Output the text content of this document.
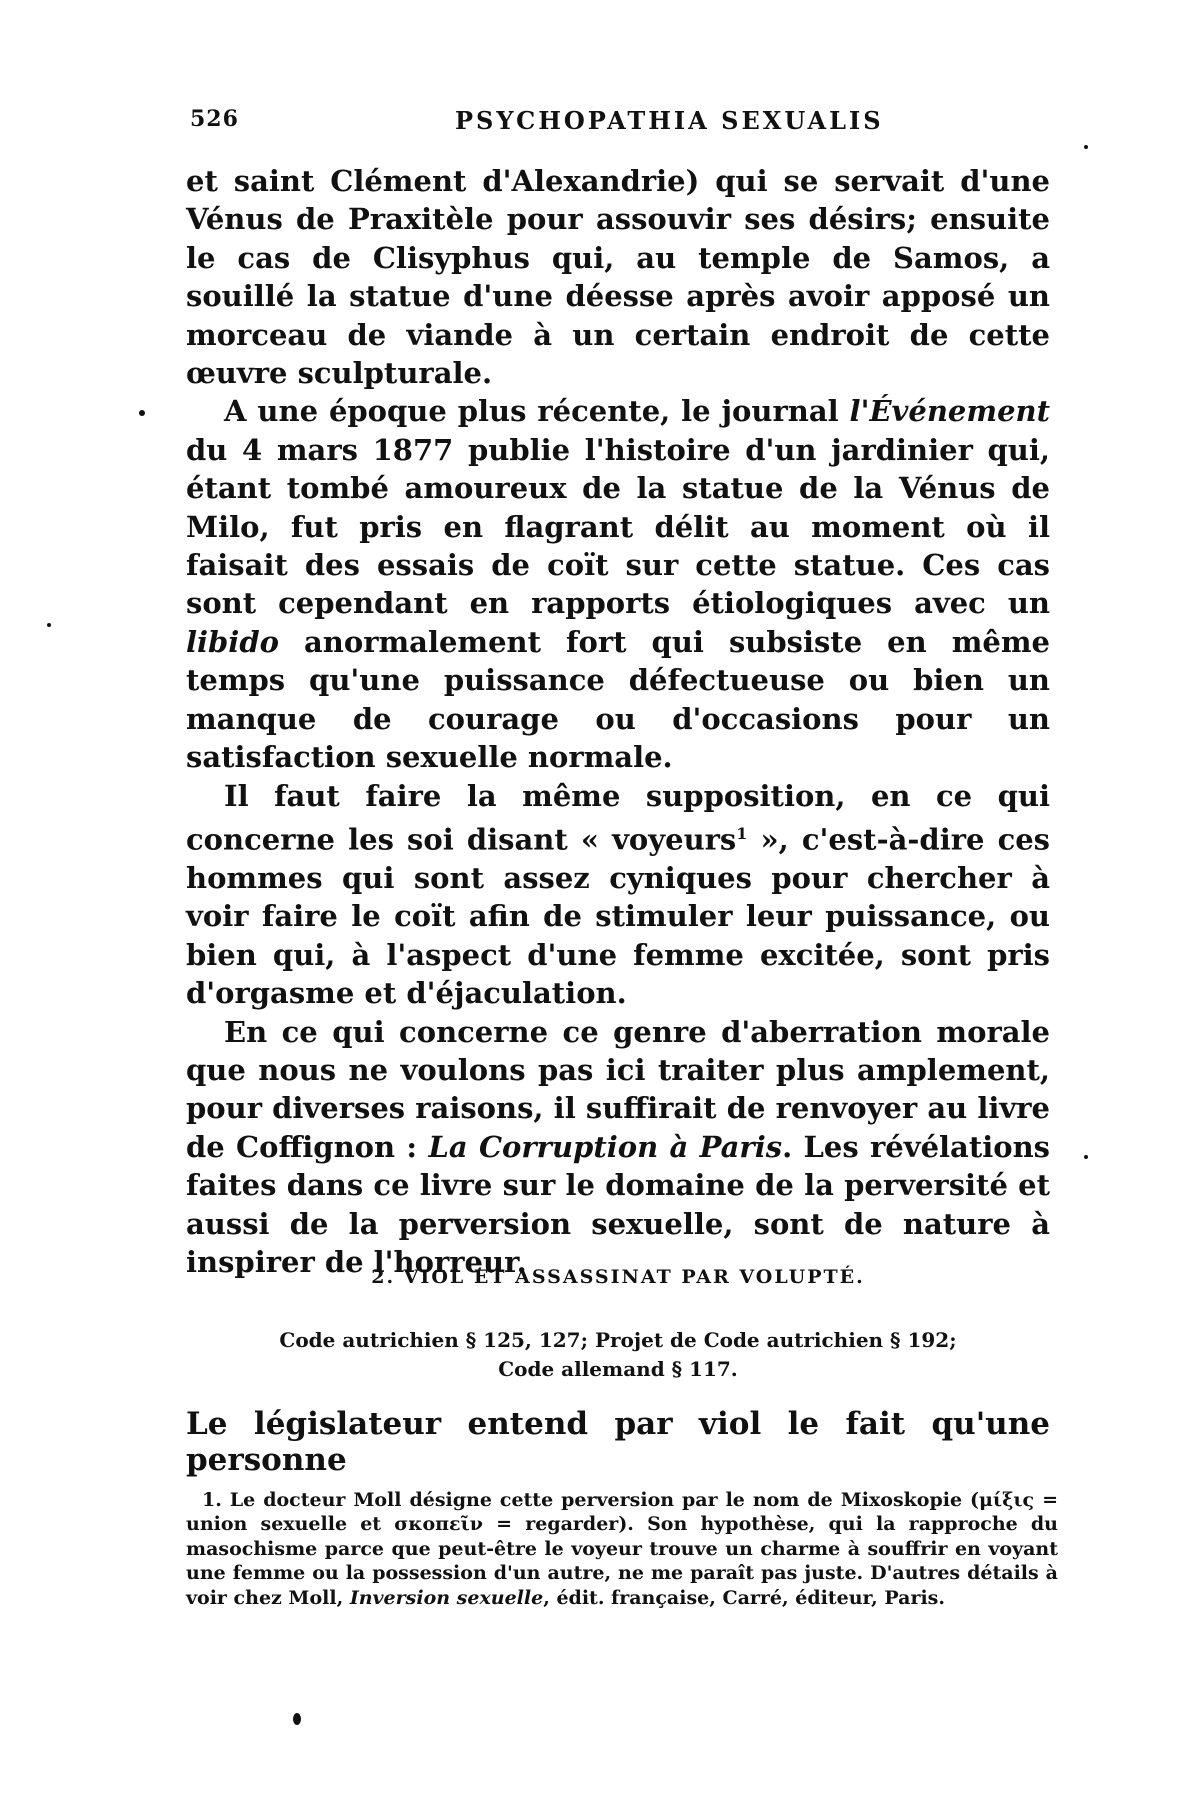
526	PSYCHOPATHIA SEXUALIS

et saint Clément d'Alexandrie) qui se servait d'une Vénus de Praxitèle pour assouvir ses désirs; ensuite le cas de Clisyphus qui, au temple de Samos, a souillé la statue d'une déesse après avoir apposé un morceau de viande à un certain endroit de cette œuvre sculpturale.

A une époque plus récente, le journal l'Événement du 4 mars 1877 publie l'histoire d'un jardinier qui, étant tombé amoureux de la statue de la Vénus de Milo, fut pris en flagrant délit au moment où il faisait des essais de coït sur cette statue. Ces cas sont cependant en rapports étiologiques avec un libido anormalement fort qui subsiste en même temps qu'une puissance défectueuse ou bien un manque de courage ou d'occasions pour un satisfaction sexuelle normale.

Il faut faire la même supposition, en ce qui concerne les soi disant « voyeurs$^1$ », c'est-à-dire ces hommes qui sont assez cyniques pour chercher à voir faire le coït afin de stimuler leur puissance, ou bien qui, à l'aspect d'une femme excitée, sont pris d'orgasme et d'éjaculation.

En ce qui concerne ce genre d'aberration morale que nous ne voulons pas ici traiter plus amplement, pour diverses raisons, il suffirait de renvoyer au livre de Coffignon : La Corruption à Paris. Les révélations faites dans ce livre sur le domaine de la perversité et aussi de la perversion sexuelle, sont de nature à inspirer de l'horreur.

2. VIOL ET ASSASSINAT PAR VOLUPTÉ.
Code autrichien § 125, 127; Projet de Code autrichien § 192;
Code allemand § 117.
Le législateur entend par viol le fait qu'une personne

1. Le docteur Moll désigne cette perversion par le nom de Mixoskopie (μίξις = union sexuelle et σκοπεῖν = regarder). Son hypothèse, qui la rapproche du masochisme parce que peut-être le voyeur trouve un charme à souffrir en voyant une femme ou la possession d'un autre, ne me paraît pas juste. D'autres détails à voir chez Moll, Inversion sexuelle, édit. française, Carré, éditeur, Paris.
